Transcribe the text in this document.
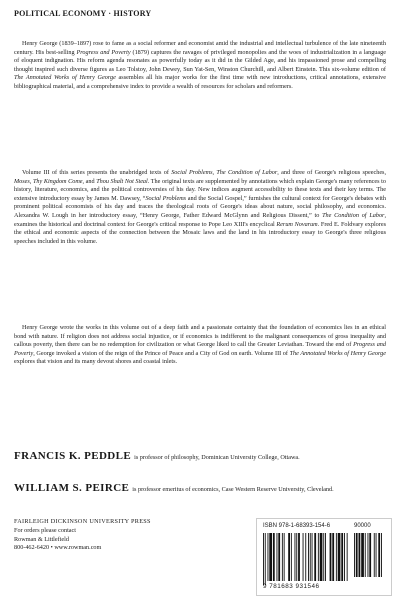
POLITICAL ECONOMY · HISTORY

Henry George (1839–1897) rose to fame as a social reformer and economist amid the industrial and intellectual turbulence of the late nineteenth century. His best-selling Progress and Poverty (1879) captures the ravages of privileged monopolies and the woes of industrialization in a language of eloquent indignation. His reform agenda resonates as powerfully today as it did in the Gilded Age, and his impassioned prose and compelling thought inspired such diverse figures as Leo Tolstoy, John Dewey, Sun Yat-Sen, Winston Churchill, and Albert Einstein. This six-volume edition of The Annotated Works of Henry George assembles all his major works for the first time with new introductions, critical annotations, extensive bibliographical material, and a comprehensive index to provide a wealth of resources for scholars and reformers.

Volume III of this series presents the unabridged texts of Social Problems, The Condition of Labor, and three of George's religious speeches, Moses, Thy Kingdom Come, and Thou Shalt Not Steal. The original texts are supplemented by annotations which explain George's many references to history, literature, economics, and the political controversies of his day. New indices augment accessibility to these texts and their key terms. The extensive introductory essay by James M. Dawsey, “Social Problems and the Social Gospel,” furnishes the cultural context for George's debates with prominent political economists of his day and traces the theological roots of George's ideas about nature, social philosophy, and economics. Alexandra W. Lough in her introductory essay, “Henry George, Father Edward McGlynn and Religious Dissent,” to The Condition of Labor, examines the historical and doctrinal context for George's critical response to Pope Leo XIII's encyclical Rerum Novarum. Fred E. Foldvary explores the ethical and economic aspects of the connection between the Mosaic laws and the land in his introductory essay to George's three religious speeches included in this volume.

Henry George wrote the works in this volume out of a deep faith and a passionate certainty that the foundation of economics lies in an ethical bond with nature. If religion does not address social injustice, or if economics is indifferent to the malignant consequences of gross inequality and callous poverty, then there can be no redemption for civilization or what George liked to call the Greater Leviathan. Toward the end of Progress and Poverty, George invoked a vision of the reign of the Prince of Peace and a City of God on earth. Volume III of The Annotated Works of Henry George explores that vision and its many devout shores and coastal inlets.

FRANCIS K. PEDDLE is professor of philosophy, Dominican University College, Ottawa.

WILLIAM S. PEIRCE is professor emeritus of economics, Case Western Reserve University, Cleveland.

FAIRLEIGH DICKINSON UNIVERSITY PRESS
For orders please contact
Rowman & Littlefield
800-462-6420 • www.rowman.com
ISBN 978-1-68393-154-6	90000
9 781683 931546
